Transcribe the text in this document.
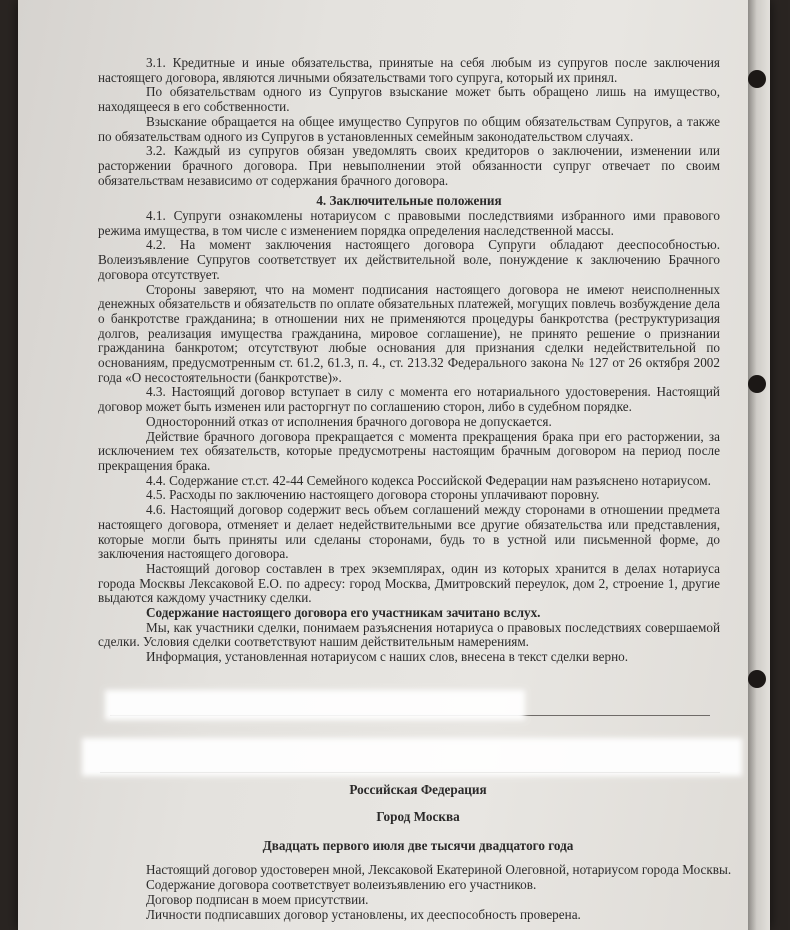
3.1. Кредитные и иные обязательства, принятые на себя любым из супругов после заключения настоящего договора, являются личными обязательствами того супруга, который их принял.

По обязательствам одного из Супругов взыскание может быть обращено лишь на имущество, находящееся в его собственности.

Взыскание обращается на общее имущество Супругов по общим обязательствам Супругов, а также по обязательствам одного из Супругов в установленных семейным законодательством случаях.

3.2. Каждый из супругов обязан уведомлять своих кредиторов о заключении, изменении или расторжении брачного договора. При невыполнении этой обязанности супруг отвечает по своим обязательствам независимо от содержания брачного договора.

4. Заключительные положения

4.1. Супруги ознакомлены нотариусом с правовыми последствиями избранного ими правового режима имущества, в том числе с изменением порядка определения наследственной массы.

4.2. На момент заключения настоящего договора Супруги обладают дееспособностью. Волеизъявление Супругов соответствует их действительной воле, понуждение к заключению Брачного договора отсутствует.

Стороны заверяют, что на момент подписания настоящего договора не имеют неисполненных денежных обязательств и обязательств по оплате обязательных платежей, могущих повлечь возбуждение дела о банкротстве гражданина; в отношении них не применяются процедуры банкротства (реструктуризация долгов, реализация имущества гражданина, мировое соглашение), не принято решение о признании гражданина банкротом; отсутствуют любые основания для признания сделки недействительной по основаниям, предусмотренным ст. 61.2, 61.3, п. 4., ст. 213.32 Федерального закона № 127 от 26 октября 2002 года «О несостоятельности (банкротстве)».

4.3. Настоящий договор вступает в силу с момента его нотариального удостоверения. Настоящий договор может быть изменен или расторгнут по соглашению сторон, либо в судебном порядке.

Односторонний отказ от исполнения брачного договора не допускается.

Действие брачного договора прекращается с момента прекращения брака при его расторжении, за исключением тех обязательств, которые предусмотрены настоящим брачным договором на период после прекращения брака.

4.4. Содержание ст.ст. 42-44 Семейного кодекса Российской Федерации нам разъяснено нотариусом.

4.5. Расходы по заключению настоящего договора стороны уплачивают поровну.

4.6. Настоящий договор содержит весь объем соглашений между сторонами в отношении предмета настоящего договора, отменяет и делает недействительными все другие обязательства или представления, которые могли быть приняты или сделаны сторонами, будь то в устной или письменной форме, до заключения настоящего договора.

Настоящий договор составлен в трех экземплярах, один из которых хранится в делах нотариуса города Москвы Лексаковой Е.О. по адресу: город Москва, Дмитровский переулок, дом 2, строение 1, другие выдаются каждому участнику сделки.

Содержание настоящего договора его участникам зачитано вслух.

Мы, как участники сделки, понимаем разъяснения нотариуса о правовых последствиях совершаемой сделки. Условия сделки соответствуют нашим действительным намерениям.

Информация, установленная нотариусом с наших слов, внесена в текст сделки верно.

Российская Федерация
Город Москва
Двадцать первого июля две тысячи двадцатого года

Настоящий договор удостоверен мной, Лексаковой Екатериной Олеговной, нотариусом города Москвы.

Содержание договора соответствует волеизъявлению его участников.

Договор подписан в моем присутствии.

Личности подписавших договор установлены, их дееспособность проверена.
